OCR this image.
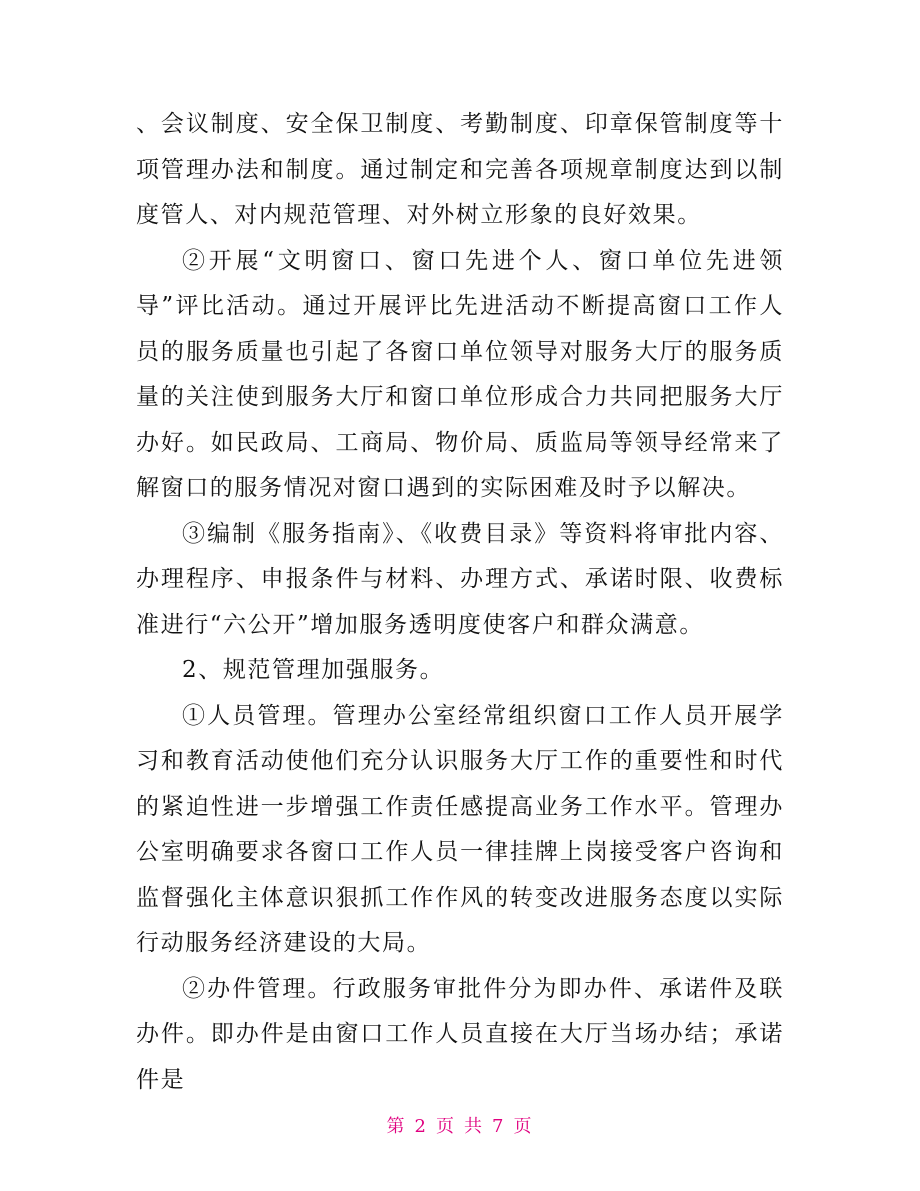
、会议制度、安全保卫制度、考勤制度、印章保管制度等十项管理办法和制度。通过制定和完善各项规章制度达到以制度管人、对内规范管理、对外树立形象的良好效果。

②开展“文明窗口、窗口先进个人、窗口单位先进领导”评比活动。通过开展评比先进活动不断提高窗口工作人员的服务质量也引起了各窗口单位领导对服务大厅的服务质量的关注使到服务大厅和窗口单位形成合力共同把服务大厅办好。如民政局、工商局、物价局、质监局等领导经常来了解窗口的服务情况对窗口遇到的实际困难及时予以解决。

③编制《服务指南》、《收费目录》等资料将审批内容、办理程序、申报条件与材料、办理方式、承诺时限、收费标准进行“六公开”增加服务透明度使客户和群众满意。

2、规范管理加强服务。

①人员管理。管理办公室经常组织窗口工作人员开展学习和教育活动使他们充分认识服务大厅工作的重要性和时代的紧迫性进一步增强工作责任感提高业务工作水平。管理办公室明确要求各窗口工作人员一律挂牌上岗接受客户咨询和监督强化主体意识狠抓工作作风的转变改进服务态度以实际行动服务经济建设的大局。

②办件管理。行政服务审批件分为即办件、承诺件及联办件。即办件是由窗口工作人员直接在大厅当场办结；承诺件是

第 2 页 共 7 页
